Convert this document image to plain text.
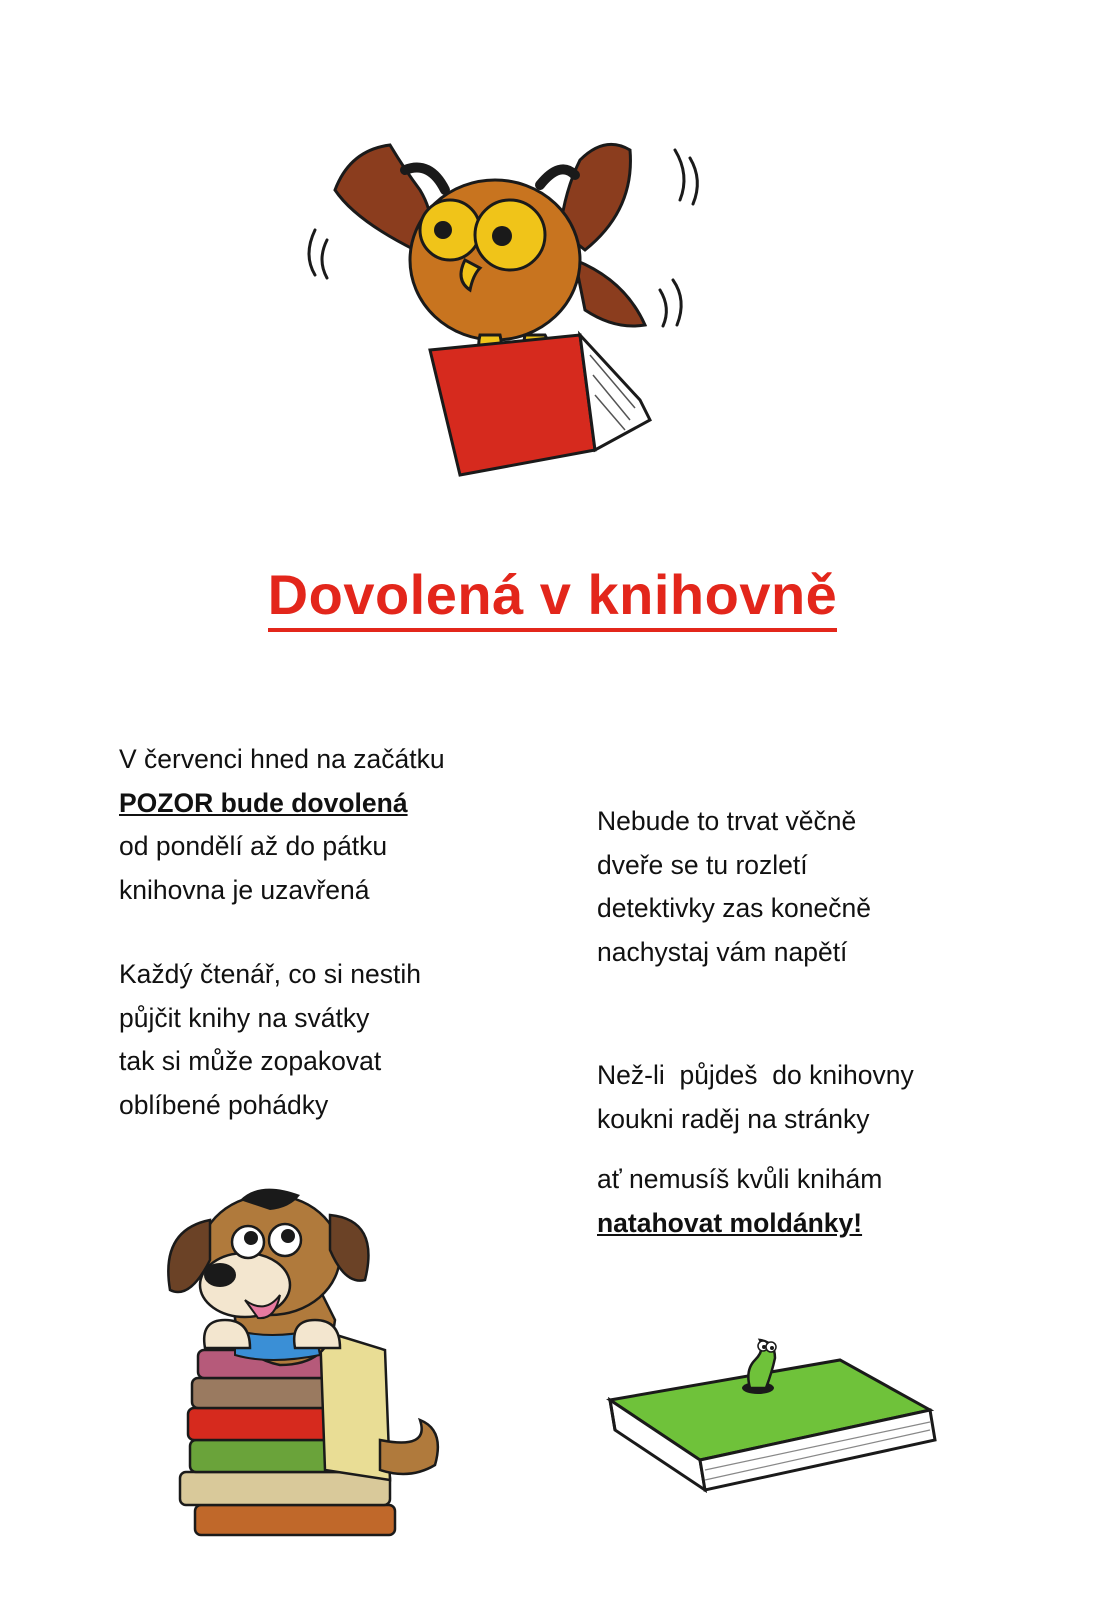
Dovolená v knihovně
V červenci hned na začátku
POZOR bude dovolená
od pondělí až do pátku
knihovna je uzavřená
Každý čtenář, co si nestih
půjčit knihy na svátky
tak si může zopakovat
oblíbené pohádky
Nebude to trvat věčně
dveře se tu rozletí
detektivky zas konečně
nachystaj vám napětí
Než-li  půjdeš  do knihovny
koukni raděj na stránky
ať nemusíš kvůli knihám
natahovat moldánky!
